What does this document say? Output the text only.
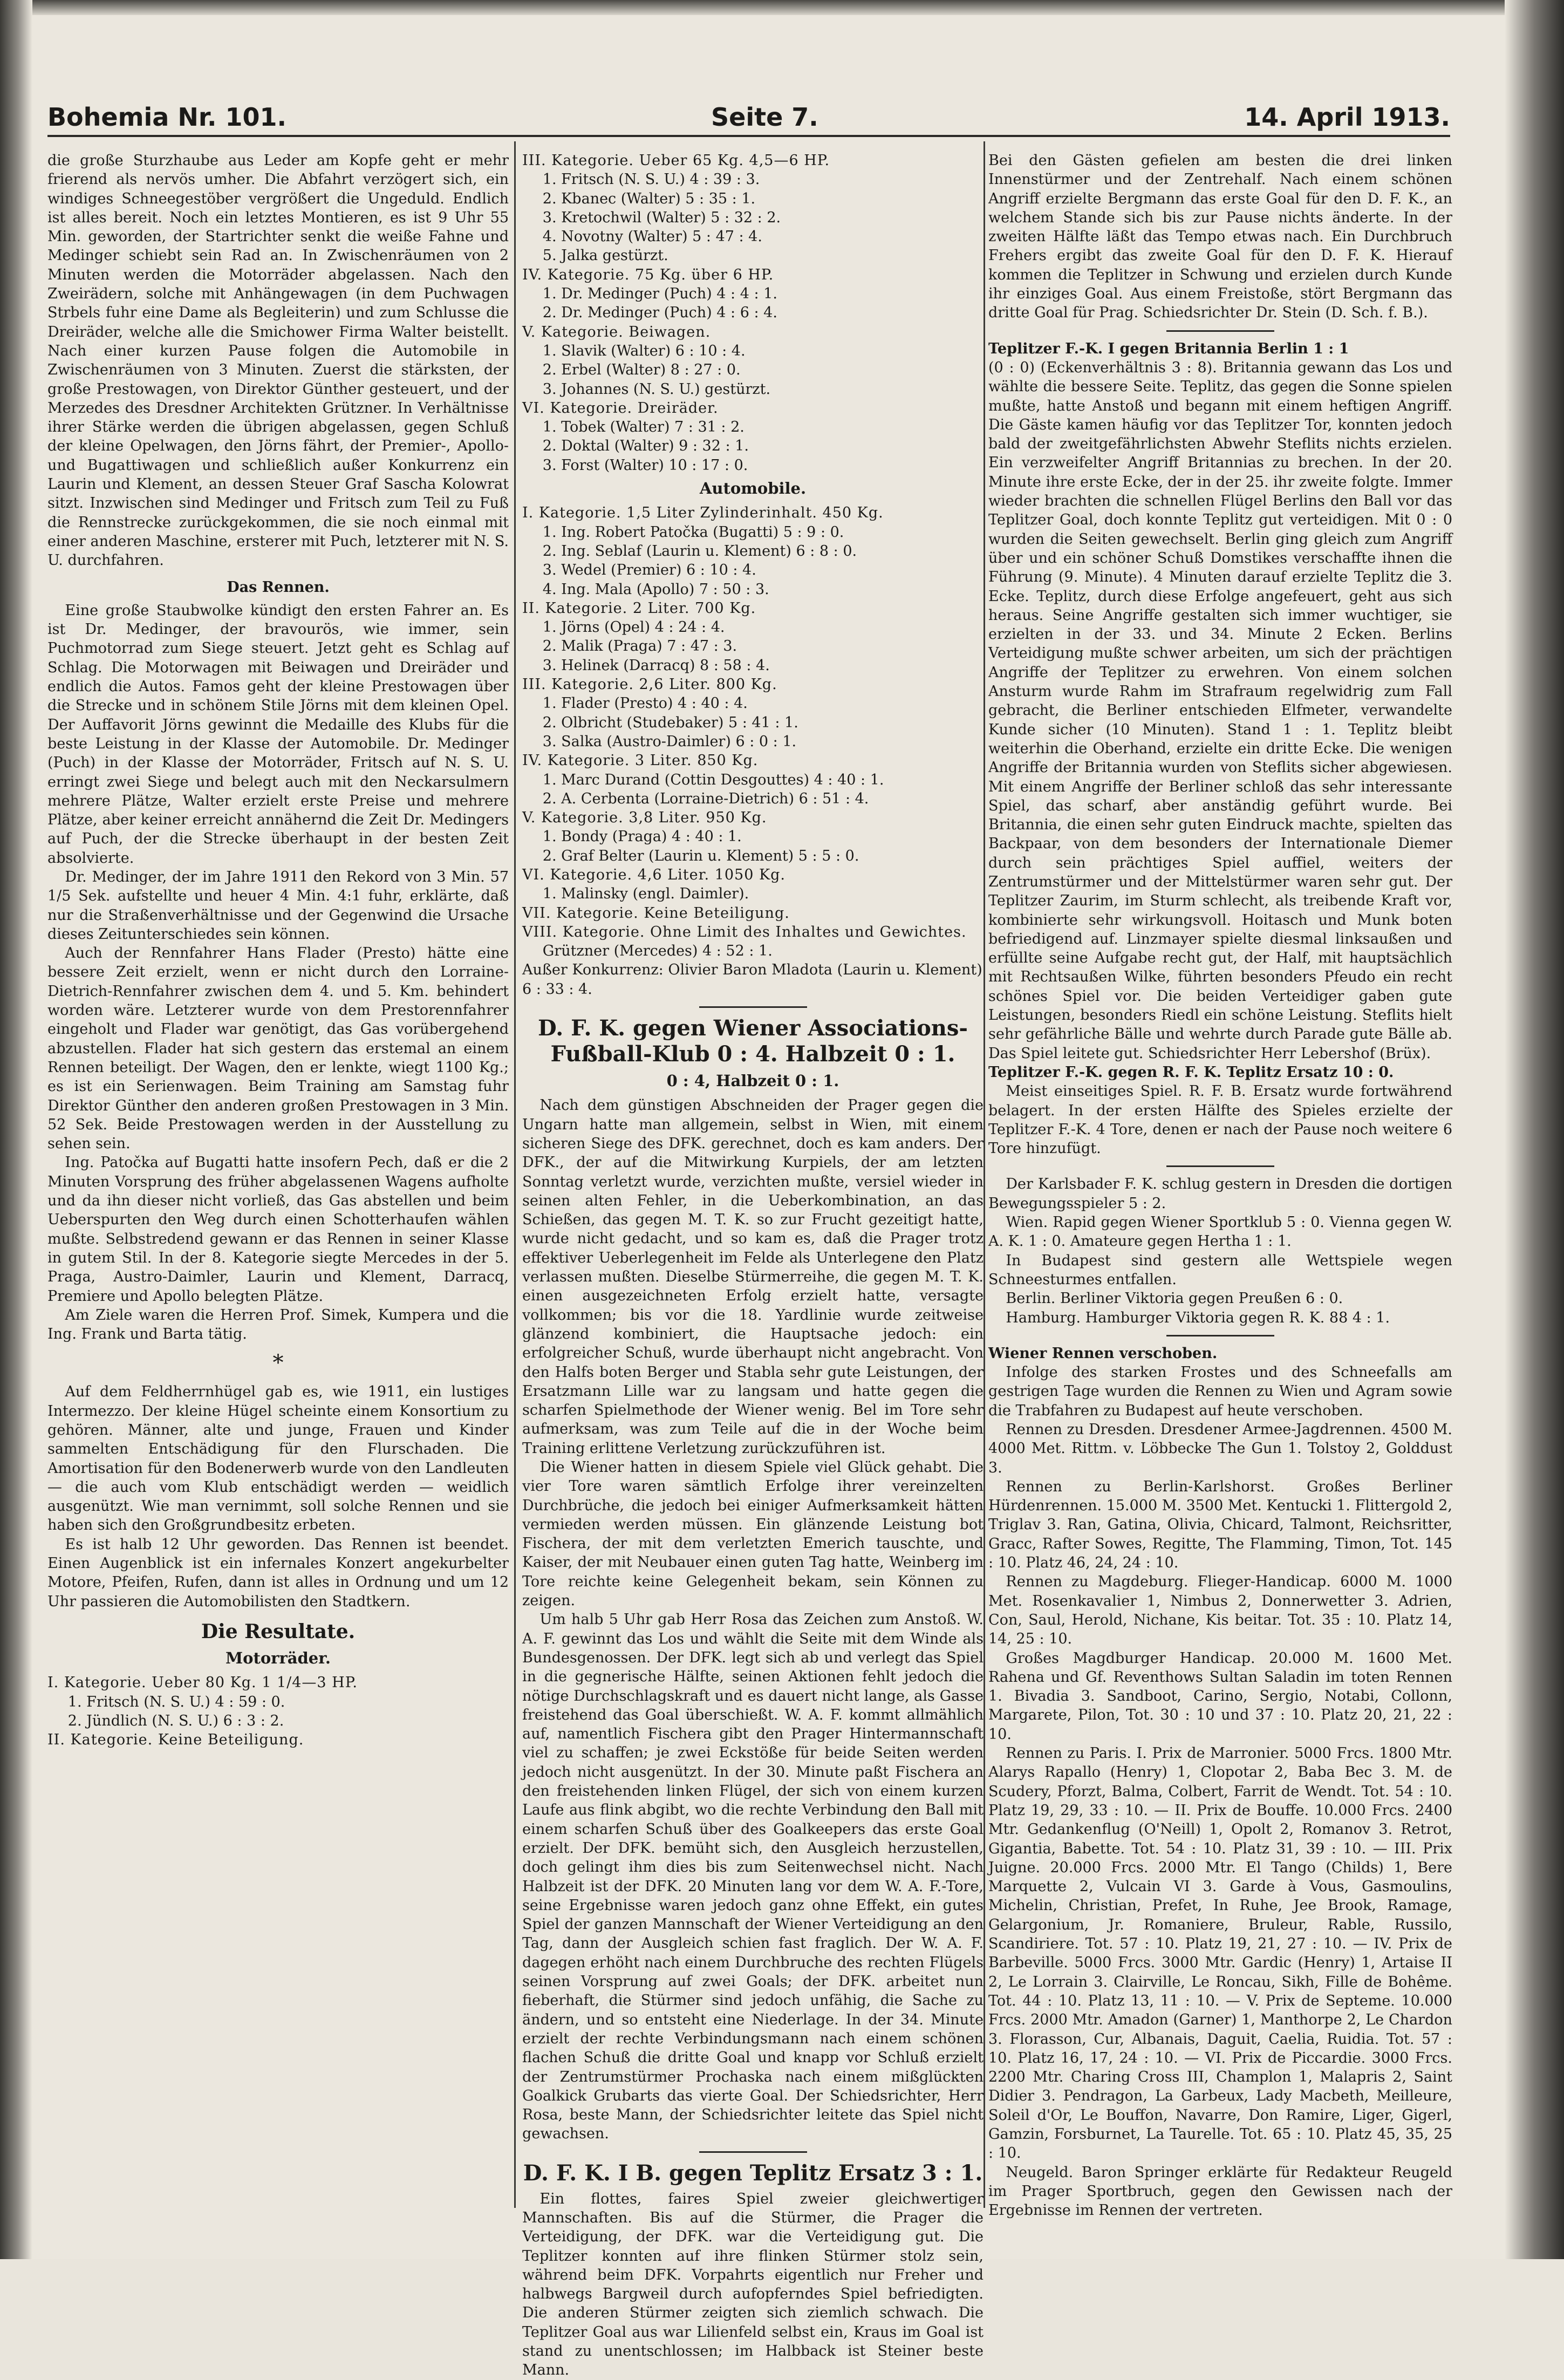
Bohemia Nr. 101.	Seite 7.	14. April 1913.

die große Sturzhaube aus Leder am Kopfe geht er mehr frierend als nervös umher. Die Abfahrt verzögert sich, ein windiges Schneegestöber vergrößert die Ungeduld. Endlich ist alles bereit. Noch ein letztes Montieren, es ist 9 Uhr 55 Min. geworden, der Startrichter senkt die weiße Fahne und Medinger schiebt sein Rad an. In Zwischenräumen von 2 Minuten werden die Motorräder abgelassen. Nach den Zweirädern, solche mit Anhängewagen (in dem Puchwagen Strbels fuhr eine Dame als Begleiterin) und zum Schlusse die Dreiräder, welche alle die Smichower Firma Walter beistellt. Nach einer kurzen Pause folgen die Automobile in Zwischenräumen von 3 Minuten. Zuerst die stärksten, der große Prestowagen, von Direktor Günther gesteuert, und der Merzedes des Dresdner Architekten Grützner. In Verhältnisse ihrer Stärke werden die übrigen abgelassen, gegen Schluß der kleine Opelwagen, den Jörns fährt, der Premier-, Apollo- und Bugattiwagen und schließlich außer Konkurrenz ein Laurin und Klement, an dessen Steuer Graf Sascha Kolowrat sitzt. Inzwischen sind Medinger und Fritsch zum Teil zu Fuß die Rennstrecke zurückgekommen, die sie noch einmal mit einer anderen Maschine, ersterer mit Puch, letzterer mit N. S. U. durchfahren.

Das Rennen.

Eine große Staubwolke kündigt den ersten Fahrer an. Es ist Dr. Medinger, der bravourös, wie immer, sein Puchmotorrad zum Siege steuert. Jetzt geht es Schlag auf Schlag. Die Motorwagen mit Beiwagen und Dreiräder und endlich die Autos. Famos geht der kleine Prestowagen über die Strecke und in schönem Stile Jörns mit dem kleinen Opel. Der Auffavorit Jörns gewinnt die Medaille des Klubs für die beste Leistung in der Klasse der Automobile. Dr. Medinger (Puch) in der Klasse der Motorräder, Fritsch auf N. S. U. erringt zwei Siege und belegt auch mit den Neckarsulmern mehrere Plätze, Walter erzielt erste Preise und mehrere Plätze, aber keiner erreicht annähernd die Zeit Dr. Medingers auf Puch, der die Strecke überhaupt in der besten Zeit absolvierte.

Dr. Medinger, der im Jahre 1911 den Rekord von 3 Min. 57 1/5 Sek. aufstellte und heuer 4 Min. 4:1 fuhr, erklärte, daß nur die Straßenverhältnisse und der Gegenwind die Ursache dieses Zeitunterschiedes sein können.

Auch der Rennfahrer Hans Flader (Presto) hätte eine bessere Zeit erzielt, wenn er nicht durch den Lorraine-Dietrich-Rennfahrer zwischen dem 4. und 5. Km. behindert worden wäre. Letzterer wurde von dem Prestorennfahrer eingeholt und Flader war genötigt, das Gas vorübergehend abzustellen. Flader hat sich gestern das erstemal an einem Rennen beteiligt. Der Wagen, den er lenkte, wiegt 1100 Kg.; es ist ein Serienwagen. Beim Training am Samstag fuhr Direktor Günther den anderen großen Prestowagen in 3 Min. 52 Sek. Beide Prestowagen werden in der Ausstellung zu sehen sein.

Ing. Patočka auf Bugatti hatte insofern Pech, daß er die 2 Minuten Vorsprung des früher abgelassenen Wagens aufholte und da ihn dieser nicht vorließ, das Gas abstellen und beim Ueberspurten den Weg durch einen Schotterhaufen wählen mußte. Selbstredend gewann er das Rennen in seiner Klasse in gutem Stil. In der 8. Kategorie siegte Mercedes in der 5. Praga, Austro-Daimler, Laurin und Klement, Darracq, Premiere und Apollo belegten Plätze.

Am Ziele waren die Herren Prof. Simek, Kumpera und die Ing. Frank und Barta tätig.

*

Auf dem Feldherrnhügel gab es, wie 1911, ein lustiges Intermezzo. Der kleine Hügel scheinte einem Konsortium zu gehören. Männer, alte und junge, Frauen und Kinder sammelten Entschädigung für den Flurschaden. Die Amortisation für den Bodenerwerb wurde von den Landleuten — die auch vom Klub entschädigt werden — weidlich ausgenützt. Wie man vernimmt, soll solche Rennen und sie haben sich den Großgrundbesitz erbeten.

Es ist halb 12 Uhr geworden. Das Rennen ist beendet. Einen Augenblick ist ein infernales Konzert angekurbelter Motore, Pfeifen, Rufen, dann ist alles in Ordnung und um 12 Uhr passieren die Automobilisten den Stadtkern.

Die Resultate.
Motorräder.
I. Kategorie. Ueber 80 Kg. 1 1/4—3 HP.
1. Fritsch (N. S. U.) 4 : 59 : 0.
2. Jündlich (N. S. U.) 6 : 3 : 2.
II. Kategorie. Keine Beteiligung.
III. Kategorie. Ueber 65 Kg. 4,5—6 HP.
1. Fritsch (N. S. U.) 4 : 39 : 3.
2. Kbanec (Walter) 5 : 35 : 1.
3. Kretochwil (Walter) 5 : 32 : 2.
4. Novotny (Walter) 5 : 47 : 4.
5. Jalka gestürzt.
IV. Kategorie. 75 Kg. über 6 HP.
1. Dr. Medinger (Puch) 4 : 4 : 1.
2. Dr. Medinger (Puch) 4 : 6 : 4.
V. Kategorie. Beiwagen.
1. Slavik (Walter) 6 : 10 : 4.
2. Erbel (Walter) 8 : 27 : 0.
3. Johannes (N. S. U.) gestürzt.
VI. Kategorie. Dreiräder.
1. Tobek (Walter) 7 : 31 : 2.
2. Doktal (Walter) 9 : 32 : 1.
3. Forst (Walter) 10 : 17 : 0.
Automobile.
I. Kategorie. 1,5 Liter Zylinderinhalt. 450 Kg.
1. Ing. Robert Patočka (Bugatti) 5 : 9 : 0.
2. Ing. Seblaf (Laurin u. Klement) 6 : 8 : 0.
3. Wedel (Premier) 6 : 10 : 4.
4. Ing. Mala (Apollo) 7 : 50 : 3.
II. Kategorie. 2 Liter. 700 Kg.
1. Jörns (Opel) 4 : 24 : 4.
2. Malik (Praga) 7 : 47 : 3.
3. Helinek (Darracq) 8 : 58 : 4.
III. Kategorie. 2,6 Liter. 800 Kg.
1. Flader (Presto) 4 : 40 : 4.
2. Olbricht (Studebaker) 5 : 41 : 1.
3. Salka (Austro-Daimler) 6 : 0 : 1.
IV. Kategorie. 3 Liter. 850 Kg.
1. Marc Durand (Cottin Desgouttes) 4 : 40 : 1.
2. A. Cerbenta (Lorraine-Dietrich) 6 : 51 : 4.
V. Kategorie. 3,8 Liter. 950 Kg.
1. Bondy (Praga) 4 : 40 : 1.
2. Graf Belter (Laurin u. Klement) 5 : 5 : 0.
VI. Kategorie. 4,6 Liter. 1050 Kg.
1. Malinsky (engl. Daimler).
VII. Kategorie. Keine Beteiligung.
VIII. Kategorie. Ohne Limit des Inhaltes und Gewichtes.
Grützner (Mercedes) 4 : 52 : 1.
Außer Konkurrenz: Olivier Baron Mladota (Laurin u. Klement) 6 : 33 : 4.
D. F. K. gegen Wiener Associations-Fußball-Klub 0 : 4. Halbzeit 0 : 1.
0 : 4, Halbzeit 0 : 1.

Nach dem günstigen Abschneiden der Prager gegen die Ungarn hatte man allgemein, selbst in Wien, mit einem sicheren Siege des DFK. gerechnet, doch es kam anders. Der DFK., der auf die Mitwirkung Kurpiels, der am letzten Sonntag verletzt wurde, verzichten mußte, versiel wieder in seinen alten Fehler, in die Ueberkombination, an das Schießen, das gegen M. T. K. so zur Frucht gezeitigt hatte, wurde nicht gedacht, und so kam es, daß die Prager trotz effektiver Ueberlegenheit im Felde als Unterlegene den Platz verlassen mußten. Dieselbe Stürmerreihe, die gegen M. T. K. einen ausgezeichneten Erfolg erzielt hatte, versagte vollkommen; bis vor die 18. Yardlinie wurde zeitweise glänzend kombiniert, die Hauptsache jedoch: ein erfolgreicher Schuß, wurde überhaupt nicht angebracht. Von den Halfs boten Berger und Stabla sehr gute Leistungen, der Ersatzmann Lille war zu langsam und hatte gegen die scharfen Spielmethode der Wiener wenig. Bel im Tore sehr aufmerksam, was zum Teile auf die in der Woche beim Training erlittene Verletzung zurückzuführen ist.

Die Wiener hatten in diesem Spiele viel Glück gehabt. Die vier Tore waren sämtlich Erfolge ihrer vereinzelten Durchbrüche, die jedoch bei einiger Aufmerksamkeit hätten vermieden werden müssen. Ein glänzende Leistung bot Fischera, der mit dem verletzten Emerich tauschte, und Kaiser, der mit Neubauer einen guten Tag hatte, Weinberg im Tore reichte keine Gelegenheit bekam, sein Können zu zeigen.

Um halb 5 Uhr gab Herr Rosa das Zeichen zum Anstoß. W. A. F. gewinnt das Los und wählt die Seite mit dem Winde als Bundesgenossen. Der DFK. legt sich ab und verlegt das Spiel in die gegnerische Hälfte, seinen Aktionen fehlt jedoch die nötige Durchschlagskraft und es dauert nicht lange, als Gasse freistehend das Goal überschießt. W. A. F. kommt allmählich auf, namentlich Fischera gibt den Prager Hintermannschaft viel zu schaffen; je zwei Eckstöße für beide Seiten werden jedoch nicht ausgenützt. In der 30. Minute paßt Fischera an den freistehenden linken Flügel, der sich von einem kurzen Laufe aus flink abgibt, wo die rechte Verbindung den Ball mit einem scharfen Schuß über des Goalkeepers das erste Goal erzielt. Der DFK. bemüht sich, den Ausgleich herzustellen, doch gelingt ihm dies bis zum Seitenwechsel nicht. Nach Halbzeit ist der DFK. 20 Minuten lang vor dem W. A. F.-Tore, seine Ergebnisse waren jedoch ganz ohne Effekt, ein gutes Spiel der ganzen Mannschaft der Wiener Verteidigung an den Tag, dann der Ausgleich schien fast fraglich. Der W. A. F. dagegen erhöht nach einem Durchbruche des rechten Flügels seinen Vorsprung auf zwei Goals; der DFK. arbeitet nun fieberhaft, die Stürmer sind jedoch unfähig, die Sache zu ändern, und so entsteht eine Niederlage. In der 34. Minute erzielt der rechte Verbindungsmann nach einem schönen flachen Schuß die dritte Goal und knapp vor Schluß erzielt der Zentrumstürmer Prochaska nach einem mißglückten Goalkick Grubarts das vierte Goal. Der Schiedsrichter, Herr Rosa, beste Mann, der Schiedsrichter leitete das Spiel nicht gewachsen.

D. F. K. I B. gegen Teplitz Ersatz 3 : 1.

Ein flottes, faires Spiel zweier gleichwertiger Mannschaften. Bis auf die Stürmer, die Prager die Verteidigung, der DFK. war die Verteidigung gut. Die Teplitzer konnten auf ihre flinken Stürmer stolz sein, während beim DFK. Vorpahrts eigentlich nur Freher und halbwegs Bargweil durch aufopferndes Spiel befriedigten. Die anderen Stürmer zeigten sich ziemlich schwach. Die Teplitzer Goal aus war Lilienfeld selbst ein, Kraus im Goal ist stand zu unentschlossen; im Halbback ist Steiner beste Mann.

Bei den Gästen gefielen am besten die drei linken Innenstürmer und der Zentrehalf. Nach einem schönen Angriff erzielte Bergmann das erste Goal für den D. F. K., an welchem Stande sich bis zur Pause nichts änderte. In der zweiten Hälfte läßt das Tempo etwas nach. Ein Durchbruch Frehers ergibt das zweite Goal für den D. F. K. Hierauf kommen die Teplitzer in Schwung und erzielen durch Kunde ihr einziges Goal. Aus einem Freistoße, stört Bergmann das dritte Goal für Prag. Schiedsrichter Dr. Stein (D. Sch. f. B.).

Teplitzer F.-K. I gegen Britannia Berlin 1 : 1

(0 : 0) (Eckenverhältnis 3 : 8). Britannia gewann das Los und wählte die bessere Seite. Teplitz, das gegen die Sonne spielen mußte, hatte Anstoß und begann mit einem heftigen Angriff. Die Gäste kamen häufig vor das Teplitzer Tor, konnten jedoch bald der zweitgefährlichsten Abwehr Steflits nichts erzielen. Ein verzweifelter Angriff Britannias zu brechen. In der 20. Minute ihre erste Ecke, der in der 25. ihr zweite folgte. Immer wieder brachten die schnellen Flügel Berlins den Ball vor das Teplitzer Goal, doch konnte Teplitz gut verteidigen. Mit 0 : 0 wurden die Seiten gewechselt. Berlin ging gleich zum Angriff über und ein schöner Schuß Domstikes verschaffte ihnen die Führung (9. Minute). 4 Minuten darauf erzielte Teplitz die 3. Ecke. Teplitz, durch diese Erfolge angefeuert, geht aus sich heraus. Seine Angriffe gestalten sich immer wuchtiger, sie erzielten in der 33. und 34. Minute 2 Ecken. Berlins Verteidigung mußte schwer arbeiten, um sich der prächtigen Angriffe der Teplitzer zu erwehren. Von einem solchen Ansturm wurde Rahm im Strafraum regelwidrig zum Fall gebracht, die Berliner entschieden Elfmeter, verwandelte Kunde sicher (10 Minuten). Stand 1 : 1. Teplitz bleibt weiterhin die Oberhand, erzielte ein dritte Ecke. Die wenigen Angriffe der Britannia wurden von Steflits sicher abgewiesen. Mit einem Angriffe der Berliner schloß das sehr interessante Spiel, das scharf, aber anständig geführt wurde. Bei Britannia, die einen sehr guten Eindruck machte, spielten das Backpaar, von dem besonders der Internationale Diemer durch sein prächtiges Spiel auffiel, weiters der Zentrumstürmer und der Mittelstürmer waren sehr gut. Der Teplitzer Zaurim, im Sturm schlecht, als treibende Kraft vor, kombinierte sehr wirkungsvoll. Hoitasch und Munk boten befriedigend auf. Linzmayer spielte diesmal linksaußen und erfüllte seine Aufgabe recht gut, der Half, mit hauptsächlich mit Rechtsaußen Wilke, führten besonders Pfeudo ein recht schönes Spiel vor. Die beiden Verteidiger gaben gute Leistungen, besonders Riedl ein schöne Leistung. Steflits hielt sehr gefährliche Bälle und wehrte durch Parade gute Bälle ab. Das Spiel leitete gut. Schiedsrichter Herr Lebershof (Brüx).

Teplitzer F.-K. gegen R. F. K. Teplitz Ersatz 10 : 0.

Meist einseitiges Spiel. R. F. B. Ersatz wurde fortwährend belagert. In der ersten Hälfte des Spieles erzielte der Teplitzer F.-K. 4 Tore, denen er nach der Pause noch weitere 6 Tore hinzufügt.

Der Karlsbader F. K. schlug gestern in Dresden die dortigen Bewegungsspieler 5 : 2.

Wien. Rapid gegen Wiener Sportklub 5 : 0. Vienna gegen W. A. K. 1 : 0. Amateure gegen Hertha 1 : 1.

In Budapest sind gestern alle Wettspiele wegen Schneesturmes entfallen.

Berlin. Berliner Viktoria gegen Preußen 6 : 0.

Hamburg. Hamburger Viktoria gegen R. K. 88 4 : 1.

Wiener Rennen verschoben.

Infolge des starken Frostes und des Schneefalls am gestrigen Tage wurden die Rennen zu Wien und Agram sowie die Trabfahren zu Budapest auf heute verschoben.

Rennen zu Dresden. Dresdener Armee-Jagdrennen. 4500 M. 4000 Met. Rittm. v. Löbbecke The Gun 1. Tolstoy 2, Golddust 3.

Rennen zu Berlin-Karlshorst. Großes Berliner Hürdenrennen. 15.000 M. 3500 Met. Kentucki 1. Flittergold 2, Triglav 3. Ran, Gatina, Olivia, Chicard, Talmont, Reichsritter, Gracc, Rafter Sowes, Regitte, The Flamming, Timon, Tot. 145 : 10. Platz 46, 24, 24 : 10.

Rennen zu Magdeburg. Flieger-Handicap. 6000 M. 1000 Met. Rosenkavalier 1, Nimbus 2, Donnerwetter 3. Adrien, Con, Saul, Herold, Nichane, Kis beitar. Tot. 35 : 10. Platz 14, 14, 25 : 10.

Großes Magdburger Handicap. 20.000 M. 1600 Met. Rahena und Gf. Reventhows Sultan Saladin im toten Rennen 1. Bivadia 3. Sandboot, Carino, Sergio, Notabi, Collonn, Margarete, Pilon, Tot. 30 : 10 und 37 : 10. Platz 20, 21, 22 : 10.

Rennen zu Paris. I. Prix de Marronier. 5000 Frcs. 1800 Mtr. Alarys Rapallo (Henry) 1, Clopotar 2, Baba Bec 3. M. de Scudery, Pforzt, Balma, Colbert, Farrit de Wendt. Tot. 54 : 10. Platz 19, 29, 33 : 10. — II. Prix de Bouffe. 10.000 Frcs. 2400 Mtr. Gedankenflug (O'Neill) 1, Opolt 2, Romanov 3. Retrot, Gigantia, Babette. Tot. 54 : 10. Platz 31, 39 : 10. — III. Prix Juigne. 20.000 Frcs. 2000 Mtr. El Tango (Childs) 1, Bere Marquette 2, Vulcain VI 3. Garde à Vous, Gasmoulins, Michelin, Christian, Prefet, In Ruhe, Jee Brook, Ramage, Gelargonium, Jr. Romaniere, Bruleur, Rable, Russilo, Scandiriere. Tot. 57 : 10. Platz 19, 21, 27 : 10. — IV. Prix de Barbeville. 5000 Frcs. 3000 Mtr. Gardic (Henry) 1, Artaise II 2, Le Lorrain 3. Clairville, Le Roncau, Sikh, Fille de Bohême. Tot. 44 : 10. Platz 13, 11 : 10. — V. Prix de Septeme. 10.000 Frcs. 2000 Mtr. Amadon (Garner) 1, Manthorpe 2, Le Chardon 3. Florasson, Cur, Albanais, Daguit, Caelia, Ruidia. Tot. 57 : 10. Platz 16, 17, 24 : 10. — VI. Prix de Piccardie. 3000 Frcs. 2200 Mtr. Charing Cross III, Champlon 1, Malapris 2, Saint Didier 3. Pendragon, La Garbeux, Lady Macbeth, Meilleure, Soleil d'Or, Le Bouffon, Navarre, Don Ramire, Liger, Gigerl, Gamzin, Forsburnet, La Taurelle. Tot. 65 : 10. Platz 45, 35, 25 : 10.

Neugeld. Baron Springer erklärte für Redakteur Reugeld im Prager Sportbruch, gegen den Gewissen nach der Ergebnisse im Rennen der vertreten.
